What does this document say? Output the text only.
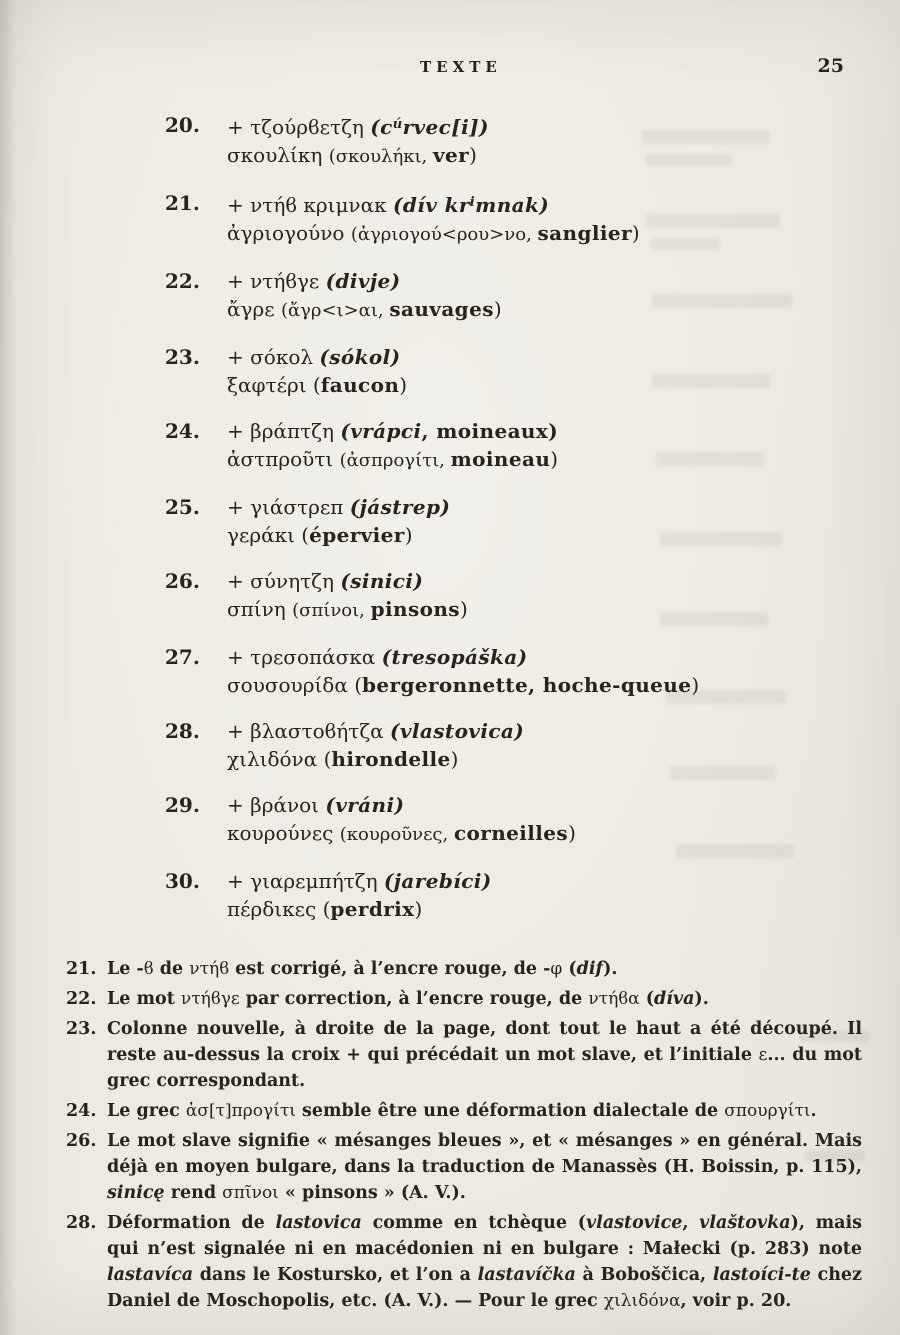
TEXTE	25
20. + τζούρϐετζη $(c^úrvec[i])$
σκουλίκη (σκουλήκι, ver)
21. + ντήϐ κριμνακ (dív $kr^imnak$)
ἀγριογούνο (ἀγριογού<ρου>νο, sanglier)
22. + ντήϐγε (divje)
ἄγρε (ἄγρ<ι>αι, sauvages)
23. + σόκολ (sókol)
ξαφτέρι (faucon)
24. + βράπτζη (vrápci, moineaux)
ἀστπροῦτι (ἀσπρογίτι, moineau)
25. + γιάστρεπ (jástrep)
γεράκι (épervier)
26. + σύνητζη (sinici)
σπίνη (σπίνοι, pinsons)
27. + τρεσοπάσκα (tresopáška)
σουσουρίδα (bergeronnette, hoche-queue)
28. + βλαστοϐήτζα (vlastovica)
χιλιδόνα (hirondelle)
29. + βράνοι (vráni)
κουρούνες (κουροῦνες, corneilles)
30. + γιαρεμπήτζη (jarebíci)
πέρδικες (perdrix)
21. Le -ϐ de ντήϐ est corrigé, à l’encre rouge, de -φ (dif).
22. Le mot ντήϐγε par correction, à l’encre rouge, de ντήϐα (díva).
23. Colonne nouvelle, à droite de la page, dont tout le haut a été découpé. Il reste au-dessus la croix + qui précédait un mot slave, et l’initiale ε... du mot grec correspondant.
24. Le grec ἀσ[τ]προγίτι semble être une déformation dialectale de σπουργίτι.
26. Le mot slave signifie « mésanges bleues », et « mésanges » en général. Mais déjà en moyen bulgare, dans la traduction de Manassès (H. Boissin, p. 115), sinicę rend σπῖνοι « pinsons » (A. V.).
28. Déformation de lastovica comme en tchèque (vlastovice, vlaštovka), mais qui n’est signalée ni en macédonien ni en bulgare : Małecki (p. 283) note lastavíca dans le Kostursko, et l’on a lastavíčka à Boboščica, lastoíci-te chez Daniel de Moschopolis, etc. (A. V.). — Pour le grec χιλιδόνα, voir p. 20.
